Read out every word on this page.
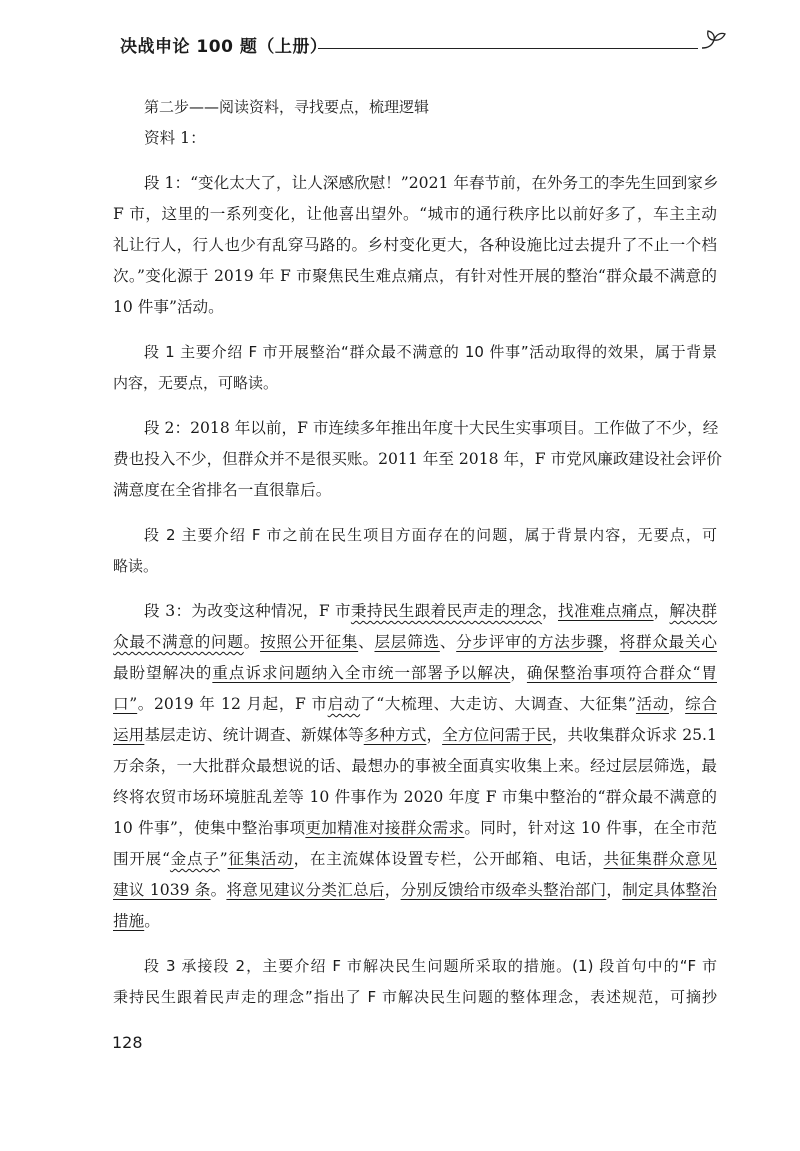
决战申论 100 题（上册）
第二步——阅读资料，寻找要点，梳理逻辑
资料 1：
段 1：“变化太大了，让人深感欣慰！”2021 年春节前，在外务工的李先生回到家乡
F 市，这里的一系列变化，让他喜出望外。“城市的通行秩序比以前好多了，车主主动
礼让行人，行人也少有乱穿马路的。乡村变化更大，各种设施比过去提升了不止一个档
次。”变化源于 2019 年 F 市聚焦民生难点痛点，有针对性开展的整治“群众最不满意的
10 件事”活动。
段 1 主要介绍 F 市开展整治“群众最不满意的 10 件事”活动取得的效果，属于背景
内容，无要点，可略读。
段 2：2018 年以前，F 市连续多年推出年度十大民生实事项目。工作做了不少，经
费也投入不少，但群众并不是很买账。2011 年至 2018 年，F 市党风廉政建设社会评价
满意度在全省排名一直很靠后。
段 2 主要介绍 F 市之前在民生项目方面存在的问题，属于背景内容，无要点，可
略读。
段 3：为改变这种情况，F 市秉持民生跟着民声走的理念，找准难点痛点，解决群
众最不满意的问题。按照公开征集、层层筛选、分步评审的方法步骤，将群众最关心
最盼望解决的重点诉求问题纳入全市统一部署予以解决，确保整治事项符合群众“胃
口”。2019 年 12 月起，F 市启动了“大梳理、大走访、大调查、大征集”活动，综合
运用基层走访、统计调查、新媒体等多种方式，全方位问需于民，共收集群众诉求 25.1
万余条，一大批群众最想说的话、最想办的事被全面真实收集上来。经过层层筛选，最
终将农贸市场环境脏乱差等 10 件事作为 2020 年度 F 市集中整治的“群众最不满意的
10 件事”，使集中整治事项更加精准对接群众需求。同时，针对这 10 件事，在全市范
围开展“金点子”征集活动，在主流媒体设置专栏，公开邮箱、电话，共征集群众意见
建议 1039 条。将意见建议分类汇总后，分别反馈给市级牵头整治部门，制定具体整治
措施。
段 3 承接段 2，主要介绍 F 市解决民生问题所采取的措施。(1) 段首句中的“F 市
秉持民生跟着民声走的理念”指出了 F 市解决民生问题的整体理念，表述规范，可摘抄
128
